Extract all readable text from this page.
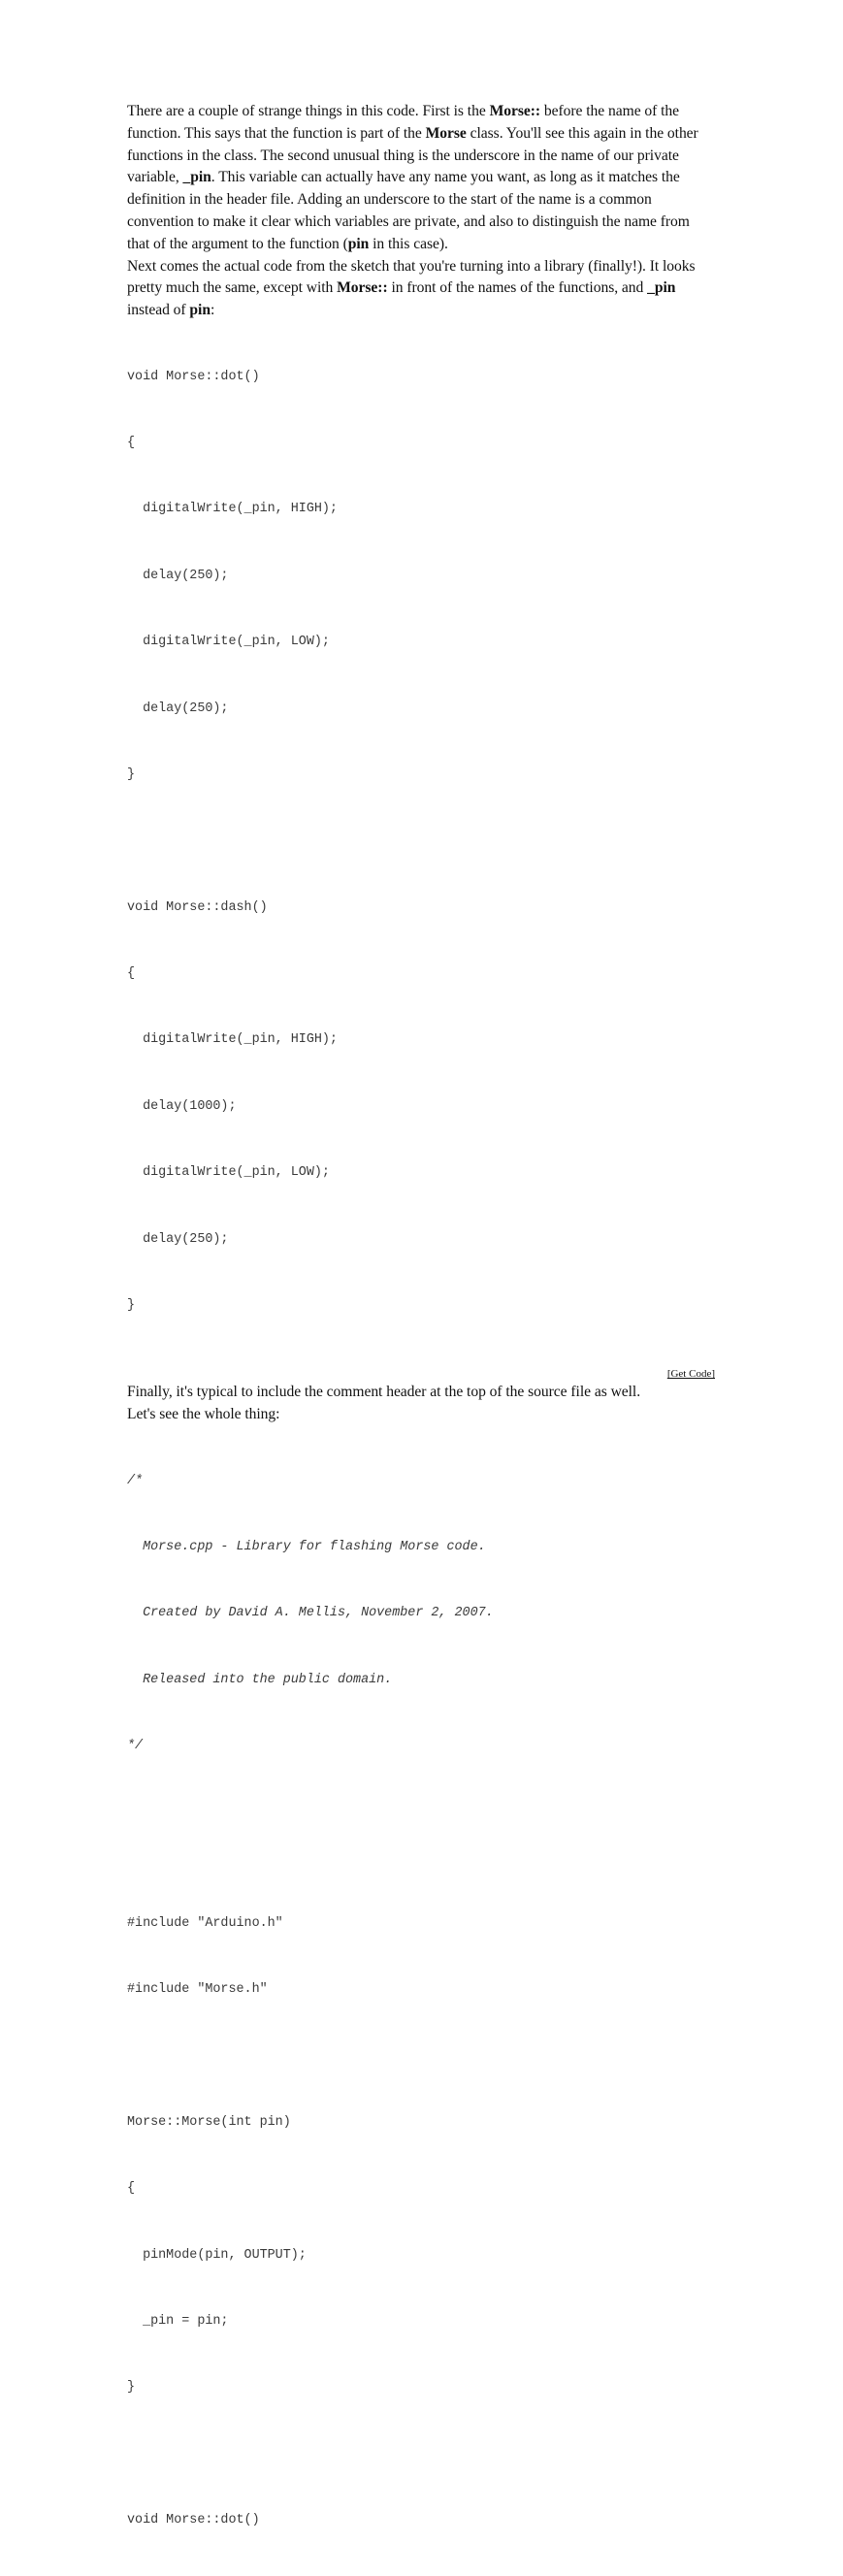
There are a couple of strange things in this code. First is the Morse:: before the name of the function. This says that the function is part of the Morse class. You'll see this again in the other functions in the class. The second unusual thing is the underscore in the name of our private variable, _pin. This variable can actually have any name you want, as long as it matches the definition in the header file. Adding an underscore to the start of the name is a common convention to make it clear which variables are private, and also to distinguish the name from that of the argument to the function (pin in this case).

Next comes the actual code from the sketch that you're turning into a library (finally!). It looks pretty much the same, except with Morse:: in front of the names of the functions, and _pin instead of pin:

void Morse::dot()

{

digitalWrite(_pin, HIGH);

delay(250);

digitalWrite(_pin, LOW);

delay(250);

}

void Morse::dash()

{

digitalWrite(_pin, HIGH);

delay(1000);

digitalWrite(_pin, LOW);

delay(250);

}

[Get Code]

Finally, it's typical to include the comment header at the top of the source file as well.
Let's see the whole thing:

/*

Morse.cpp - Library for flashing Morse code.

Created by David A. Mellis, November 2, 2007.

Released into the public domain.

*/

#include "Arduino.h"

#include "Morse.h"

Morse::Morse(int pin)

{

pinMode(pin, OUTPUT);

_pin = pin;

}

void Morse::dot()
